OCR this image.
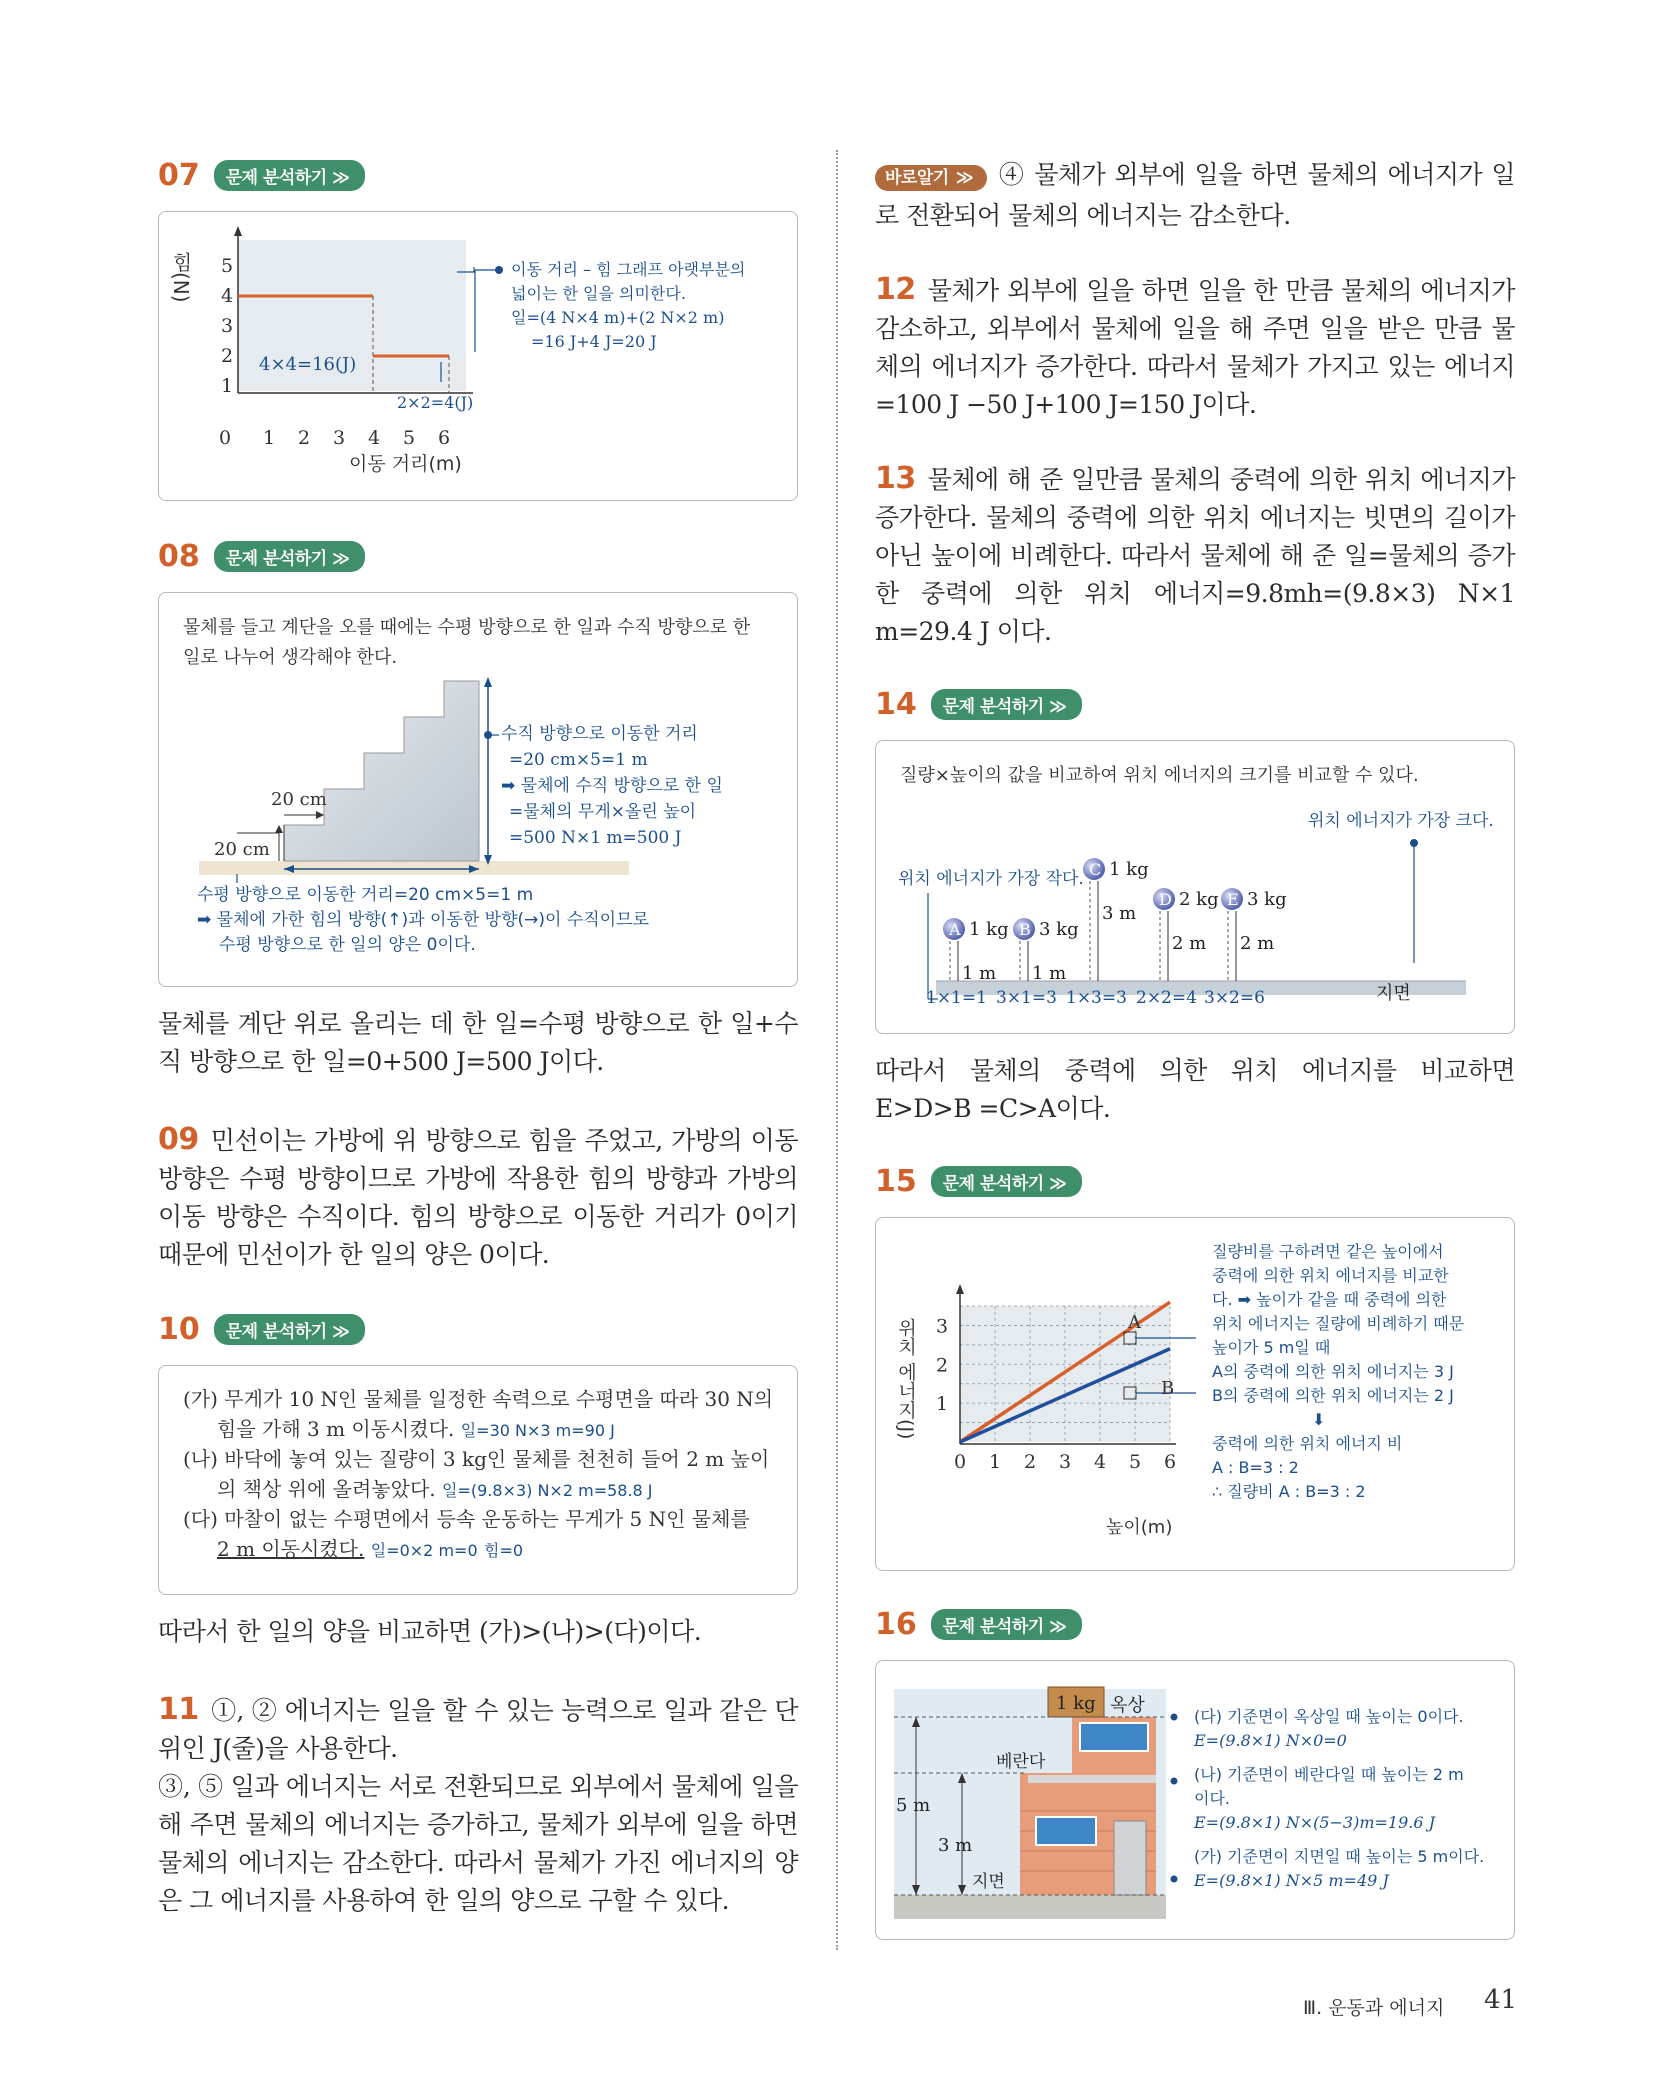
07	문제 분석하기 ≫
5
4
3
2
1
0 1 2 3 4 5 6
힘(N)
이동 거리(m)
4×4=16(J)
2×2=4(J)
이동 거리 – 힘 그래프 아랫부분의
넓이는 한 일을 의미한다.
일=(4 N×4 m)+(2 N×2 m)
=16 J+4 J=20 J
08	문제 분석하기 ≫
물체를 들고 계단을 오를 때에는 수평 방향으로 한 일과 수직 방향으로 한
일로 나누어 생각해야 한다.
20 cm
20 cm
수직 방향으로 이동한 거리
=20 cm×5=1 m
➡ 물체에 수직 방향으로 한 일
=물체의 무게×올린 높이
=500 N×1 m=500 J
수평 방향으로 이동한 거리=20 cm×5=1 m
➡ 물체에 가한 힘의 방향(↑)과 이동한 방향(→)이 수직이므로
수평 방향으로 한 일의 양은 0이다.
물체를 계단 위로 올리는 데 한 일=수평 방향으로 한 일+수직 방향으로 한 일=0+500 J=500 J이다.
09 민선이는 가방에 위 방향으로 힘을 주었고, 가방의 이동 방향은 수평 방향이므로 가방에 작용한 힘의 방향과 가방의 이동 방향은 수직이다. 힘의 방향으로 이동한 거리가 0이기 때문에 민선이가 한 일의 양은 0이다.
10	문제 분석하기 ≫
(가) 무게가 10 N인 물체를 일정한 속력으로 수평면을 따라 30 N의
힘을 가해 3 m 이동시켰다. 일=30 N×3 m=90 J
(나) 바닥에 놓여 있는 질량이 3 kg인 물체를 천천히 들어 2 m 높이
의 책상 위에 올려놓았다. 일=(9.8×3) N×2 m=58.8 J
(다) 마찰이 없는 수평면에서 등속 운동하는 무게가 5 N인 물체를
2 m 이동시켰다. 일=0×2 m=0 힘=0
따라서 한 일의 양을 비교하면 (가)>(나)>(다)이다.
11 ①, ② 에너지는 일을 할 수 있는 능력으로 일과 같은 단위인 J(줄)을 사용한다.
③, ⑤ 일과 에너지는 서로 전환되므로 외부에서 물체에 일을 해 주면 물체의 에너지는 증가하고, 물체가 외부에 일을 하면 물체의 에너지는 감소한다. 따라서 물체가 가진 에너지의 양은 그 에너지를 사용하여 한 일의 양으로 구할 수 있다.
바로알기 ≫ ④ 물체가 외부에 일을 하면 물체의 에너지가 일로 전환되어 물체의 에너지는 감소한다.
12 물체가 외부에 일을 하면 일을 한 만큼 물체의 에너지가 감소하고, 외부에서 물체에 일을 해 주면 일을 받은 만큼 물체의 에너지가 증가한다. 따라서 물체가 가지고 있는 에너지=100 J −50 J+100 J=150 J이다.
13 물체에 해 준 일만큼 물체의 중력에 의한 위치 에너지가 증가한다. 물체의 중력에 의한 위치 에너지는 빗면의 길이가 아닌 높이에 비례한다. 따라서 물체에 해 준 일=물체의 증가한 중력에 의한 위치 에너지=9.8mh=(9.8×3) N×1 m=29.4 J 이다.
14	문제 분석하기 ≫
질량×높이의 값을 비교하여 위치 에너지의 크기를 비교할 수 있다.
위치 에너지가 가장 작다.
위치 에너지가 가장 크다.
A 1 kg
1 m
1×1=1
B 3 kg
1 m
3×1=3
C 1 kg
3 m
1×3=3
D 2 kg
2 m
2×2=4
E 3 kg
2 m
3×2=6	지면
따라서 물체의 중력에 의한 위치 에너지를 비교하면 E>D>B =C>A이다.
15	문제 분석하기 ≫
0 1 2 3 4 5 6
1
2
3
위치 에너지(J)
높이(m)
A
B
질량비를 구하려면 같은 높이에서
중력에 의한 위치 에너지를 비교한
다. ➡ 높이가 같을 때 중력에 의한
위치 에너지는 질량에 비례하기 때문
높이가 5 m일 때
A의 중력에 의한 위치 에너지는 3 J
B의 중력에 의한 위치 에너지는 2 J
⬇
중력에 의한 위치 에너지 비
A : B=3 : 2
∴ 질량비 A : B=3 : 2
16	문제 분석하기 ≫
1 kg 옥상
베란다
지면
5 m
3 m
(다) 기준면이 옥상일 때 높이는 0이다.
E=(9.8×1) N×0=0
(나) 기준면이 베란다일 때 높이는 2 m
이다.
E=(9.8×1) N×(5−3)m=19.6 J
(가) 기준면이 지면일 때 높이는 5 m이다.
E=(9.8×1) N×5 m=49 J
Ⅲ. 운동과 에너지 41
